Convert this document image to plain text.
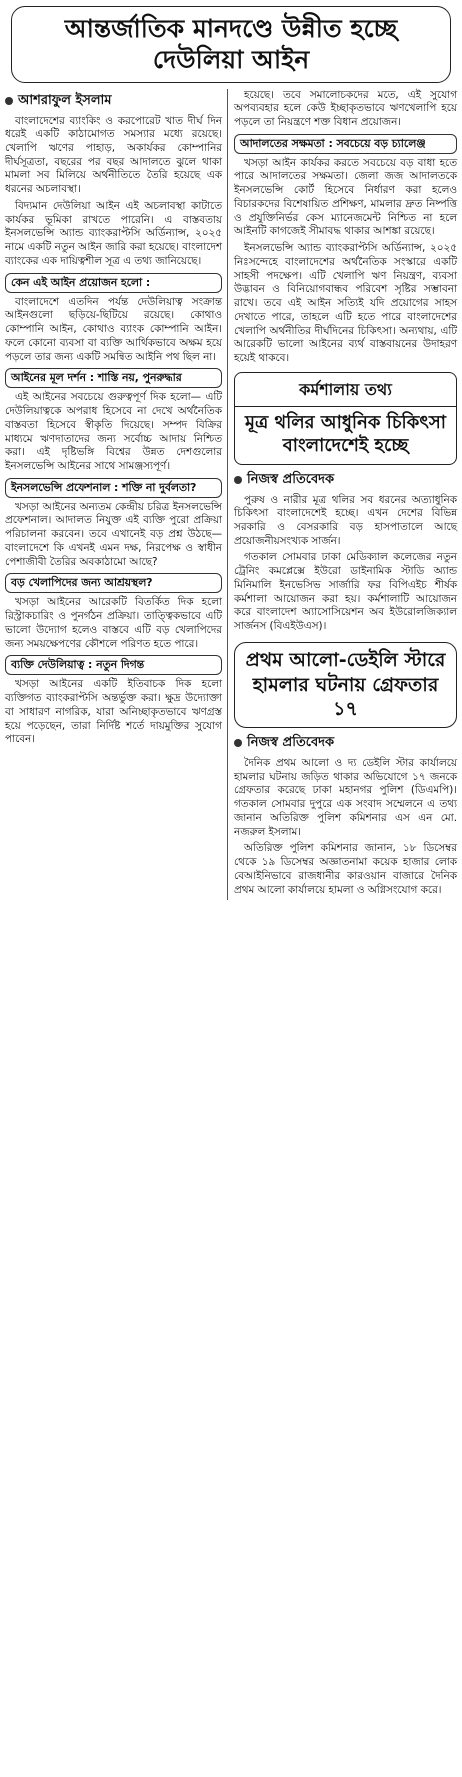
আন্তর্জাতিক মানদণ্ডে উন্নীত হচ্ছে দেউলিয়া আইন
আশরাফুল ইসলাম

বাংলাদেশের ব্যাংকিং ও করপোরেট খাত দীর্ঘ দিন ধরেই একটি কাঠামোগত সমস্যার মধ্যে রয়েছে। খেলাপি ঋণের পাহাড়, অকার্যকর কোম্পানির দীর্ঘসূত্রতা, বছরের পর বছর আদালতে ঝুলে থাকা মামলা সব মিলিয়ে অর্থনীতিতে তৈরি হয়েছে এক ধরনের অচলাবস্থা।

বিদ্যমান দেউলিয়া আইন এই অচলাবস্থা কাটাতে কার্যকর ভূমিকা রাখতে পারেনি। এ বাস্তবতায় ইনসলভেন্সি অ্যান্ড ব্যাংকরাপ্টসি অর্ডিন্যান্স, ২০২৫ নামে একটি নতুন আইন জারি করা হয়েছে। বাংলাদেশ ব্যাংকের এক দায়িত্বশীল সূত্র এ তথ্য জানিয়েছে।

কেন এই আইন প্রয়োজন হলো :

বাংলাদেশে এতদিন পর্যন্ত দেউলিয়াত্ব সংক্রান্ত আইনগুলো ছড়িয়ে-ছিটিয়ে রয়েছে। কোথাও কোম্পানি আইন, কোথাও ব্যাংক কোম্পানি আইন। ফলে কোনো ব্যবসা বা ব্যক্তি আর্থিকভাবে অক্ষম হয়ে পড়লে তার জন্য একটি সমন্বিত আইনি পথ ছিল না।

আইনের মূল দর্শন : শাস্তি নয়, পুনরুদ্ধার

এই আইনের সবচেয়ে গুরুত্বপূর্ণ দিক হলো— এটি দেউলিয়াত্বকে অপরাধ হিসেবে না দেখে অর্থনৈতিক বাস্তবতা হিসেবে স্বীকৃতি দিয়েছে। সম্পদ বিক্রির মাধ্যমে ঋণদাতাদের জন্য সর্বোচ্চ আদায় নিশ্চিত করা। এই দৃষ্টিভঙ্গি বিশ্বের উন্নত দেশগুলোর ইনসলভেন্সি আইনের সাথে সামঞ্জস্যপূর্ণ।

ইনসলভেন্সি প্রফেশনাল : শক্তি না দুর্বলতা?

খসড়া আইনের অন্যতম কেন্দ্রীয় চরিত্র ইনসলভেন্সি প্রফেশনাল। আদালত নিযুক্ত এই ব্যক্তি পুরো প্রক্রিয়া পরিচালনা করবেন। তবে এখানেই বড় প্রশ্ন উঠছে— বাংলাদেশে কি এখনই এমন দক্ষ, নিরপেক্ষ ও স্বাধীন পেশাজীবী তৈরির অবকাঠামো আছে?

বড় খেলাপিদের জন্য আশ্রয়স্থল?

খসড়া আইনের আরেকটি বিতর্কিত দিক হলো রিস্ট্রাকচারিং ও পুনর্গঠন প্রক্রিয়া। তাত্ত্বিকভাবে এটি ভালো উদ্যোগ হলেও বাস্তবে এটি বড় খেলাপিদের জন্য সময়ক্ষেপণের কৌশলে পরিণত হতে পারে।

ব্যক্তি দেউলিয়াত্ব : নতুন দিগন্ত

খসড়া আইনের একটি ইতিবাচক দিক হলো ব্যক্তিগত ব্যাংকরাপ্টসি অন্তর্ভুক্ত করা। ক্ষুদ্র উদ্যোক্তা বা সাধারণ নাগরিক, যারা অনিচ্ছাকৃতভাবে ঋণগ্রস্ত হয়ে পড়েছেন, তারা নির্দিষ্ট শর্তে দায়মুক্তির সুযোগ পাবেন।

হয়েছে। তবে সমালোচকদের মতে, এই সুযোগ অপব্যবহার হলে কেউ ইচ্ছাকৃতভাবে ঋণখেলাপি হয়ে পড়লে তা নিয়ন্ত্রণে শক্ত বিধান প্রয়োজন।

আদালতের সক্ষমতা : সবচেয়ে বড় চ্যালেঞ্জ

খসড়া আইন কার্যকর করতে সবচেয়ে বড় বাধা হতে পারে আদালতের সক্ষমতা। জেলা জজ আদালতকে ইনসলভেন্সি কোর্ট হিসেবে নির্ধারণ করা হলেও বিচারকদের বিশেষায়িত প্রশিক্ষণ, মামলার দ্রুত নিষ্পত্তি ও প্রযুক্তিনির্ভর কেস ম্যানেজমেন্ট নিশ্চিত না হলে আইনটি কাগজেই সীমাবদ্ধ থাকার আশঙ্কা রয়েছে।

ইনসলভেন্সি অ্যান্ড ব্যাংকরাপ্টসি অর্ডিন্যান্স, ২০২৫ নিঃসন্দেহে বাংলাদেশের অর্থনৈতিক সংস্কারে একটি সাহসী পদক্ষেপ। এটি খেলাপি ঋণ নিয়ন্ত্রণ, ব্যবসা উদ্ভাবন ও বিনিয়োগবান্ধব পরিবেশ সৃষ্টির সম্ভাবনা রাখে। তবে এই আইন সত্যিই যদি প্রয়োগের সাহস দেখাতে পারে, তাহলে এটি হতে পারে বাংলাদেশের খেলাপি অর্থনীতির দীর্ঘদিনের চিকিৎসা। অন্যথায়, এটি আরেকটি ভালো আইনের ব্যর্থ বাস্তবায়নের উদাহরণ হয়েই থাকবে।

কর্মশালায় তথ্য
মূত্র থলির আধুনিক চিকিৎসা বাংলাদেশেই হচ্ছে
নিজস্ব প্রতিবেদক

পুরুষ ও নারীর মূত্র থলির সব ধরনের অত্যাধুনিক চিকিৎসা বাংলাদেশেই হচ্ছে। এখন দেশের বিভিন্ন সরকারি ও বেসরকারি বড় হাসপাতালে আছে প্রয়োজনীয়সংখ্যক সার্জন।

গতকাল সোমবার ঢাকা মেডিক্যাল কলেজের নতুন ট্রেনিং কমপ্লেক্সে ইউরো ডাইনামিক স্টাডি অ্যান্ড মিনিমালি ইনভেসিভ সার্জারি ফর বিপিএইচ শীর্ষক কর্মশালা আয়োজন করা হয়। কর্মশালাটি আয়োজন করে বাংলাদেশ অ্যাসোসিয়েশন অব ইউরোলজিক্যাল সার্জনস (বিএইউএস)।

প্রথম আলো-ডেইলি স্টারে হামলার ঘটনায় গ্রেফতার ১৭
নিজস্ব প্রতিবেদক

দৈনিক প্রথম আলো ও দ্য ডেইলি স্টার কার্যালয়ে হামলার ঘটনায় জড়িত থাকার অভিযোগে ১৭ জনকে গ্রেফতার করেছে ঢাকা মহানগর পুলিশ (ডিএমপি)। গতকাল সোমবার দুপুরে এক সংবাদ সম্মেলনে এ তথ্য জানান অতিরিক্ত পুলিশ কমিশনার এস এন মো. নজরুল ইসলাম।

অতিরিক্ত পুলিশ কমিশনার জানান, ১৮ ডিসেম্বর থেকে ১৯ ডিসেম্বর অজ্ঞাতনামা কয়েক হাজার লোক বেআইনিভাবে রাজধানীর কারওয়ান বাজারে দৈনিক প্রথম আলো কার্যালয়ে হামলা ও অগ্নিসংযোগ করে।
